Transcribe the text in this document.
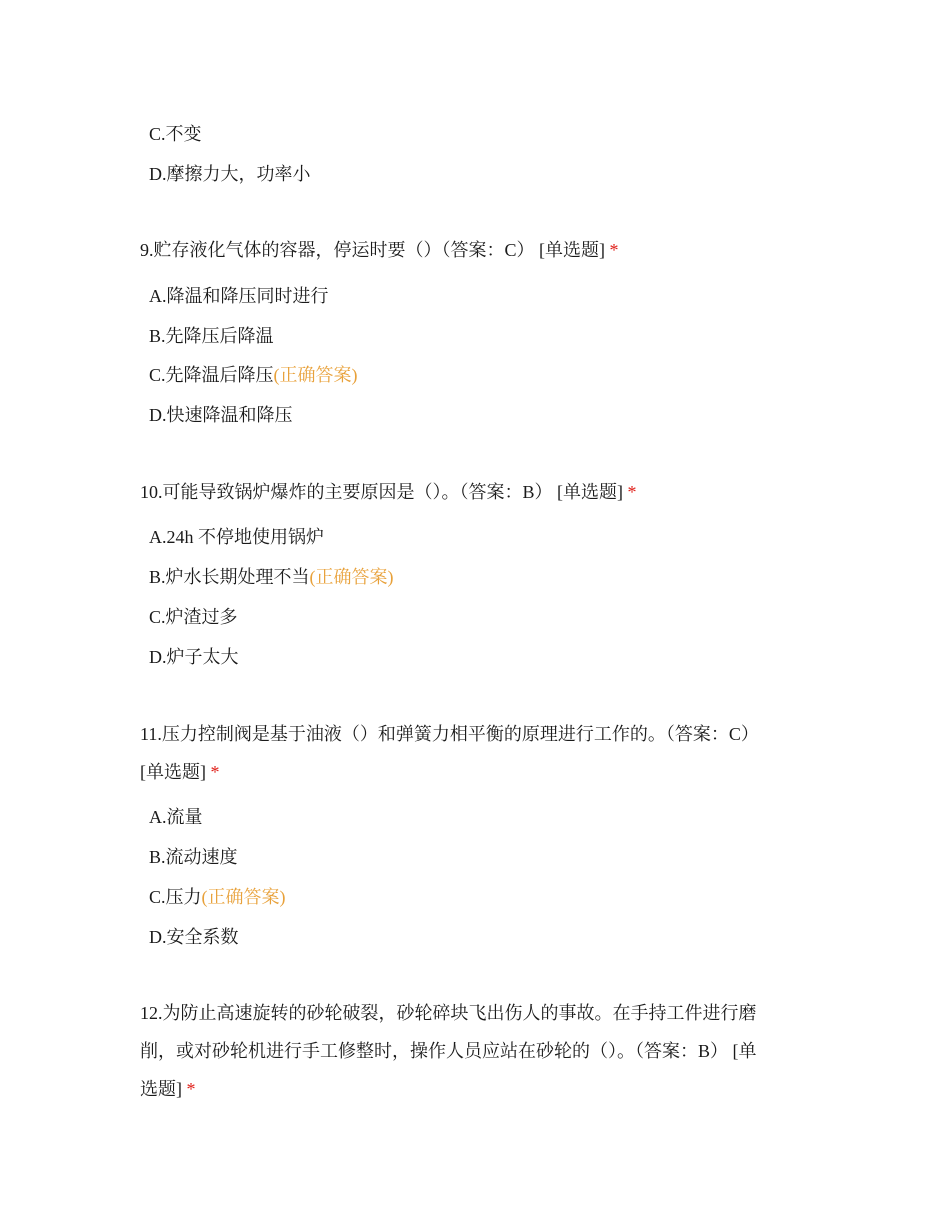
C.不变
D.摩擦力大，功率小
9.贮存液化气体的容器，停运时要（）（答案：C） [单选题] *
A.降温和降压同时进行
B.先降压后降温
C.先降温后降压(正确答案)
D.快速降温和降压
10.可能导致锅炉爆炸的主要原因是（）。（答案：B） [单选题] *
A.24h 不停地使用锅炉
B.炉水长期处理不当(正确答案)
C.炉渣过多
D.炉子太大
11.压力控制阀是基于油液（）和弹簧力相平衡的原理进行工作的。（答案：C）
[单选题] *
A.流量
B.流动速度
C.压力(正确答案)
D.安全系数
12.为防止高速旋转的砂轮破裂，砂轮碎块飞出伤人的事故。在手持工件进行磨
削，或对砂轮机进行手工修整时，操作人员应站在砂轮的（）。（答案：B） [单
选题] *
